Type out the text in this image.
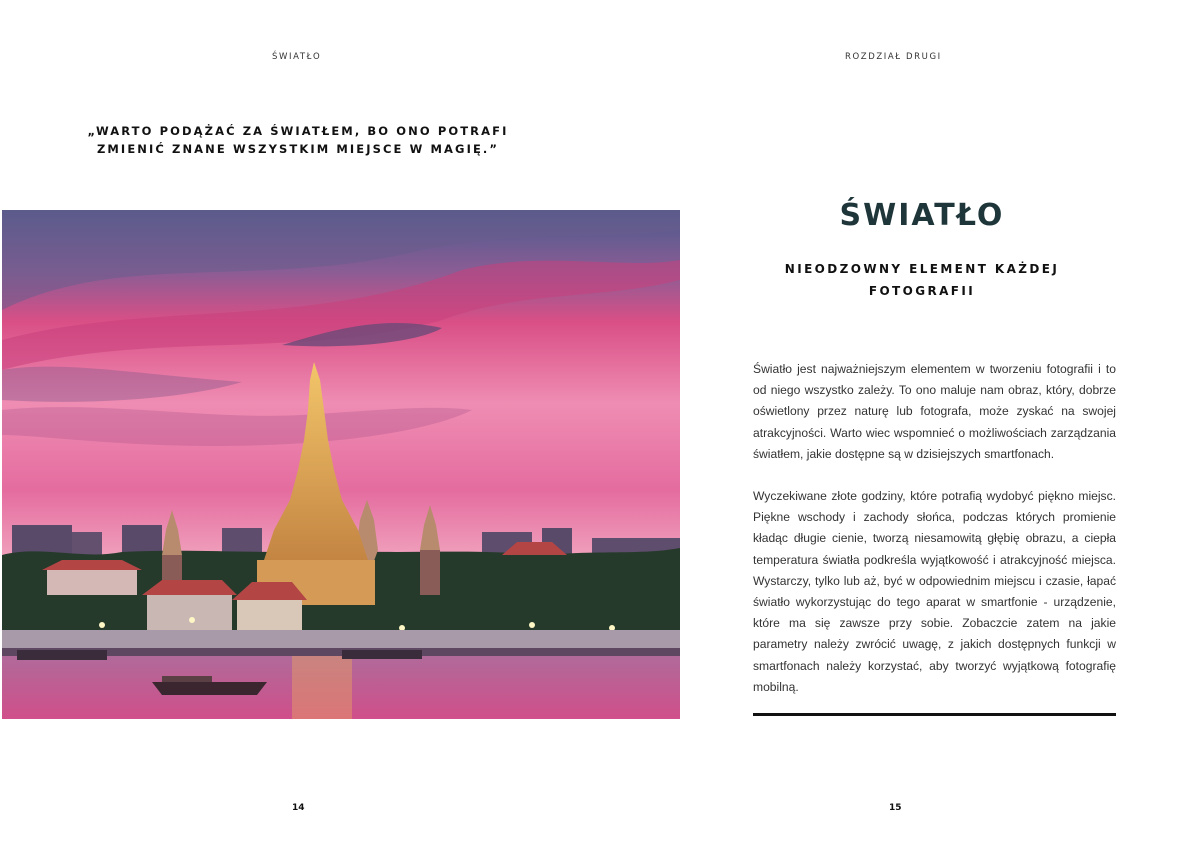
ŚWIATŁO
„WARTO PODĄŻAĆ ZA ŚWIATŁEM, BO ONO POTRAFI
ZMIENIĆ ZNANE WSZYSTKIM MIEJSCE W MAGIĘ.”
14
ROZDZIAŁ DRUGI
ŚWIATŁO
NIEODZOWNY ELEMENT KAŻDEJ
FOTOGRAFII

Światło jest najważniejszym elementem w tworzeniu fotografii i to od niego wszystko zależy. To ono maluje nam obraz, który, dobrze oświetlony przez naturę lub fotografa, może zyskać na swojej atrakcyjności. Warto wiec wspomnieć o możliwościach zarządzania światłem, jakie dostępne są w dzisiejszych smartfonach.

Wyczekiwane złote godziny, które potrafią wydobyć piękno miejsc. Piękne wschody i zachody słońca, podczas których promienie kładąc długie cienie, tworzą niesamowitą głębię obrazu, a ciepła temperatura światła podkreśla wyjątkowość i atrakcyjność miejsca. Wystarczy, tylko lub aż, być w odpowiednim miejscu i czasie, łapać światło wykorzystując do tego aparat w smartfonie - urządzenie, które ma się zawsze przy sobie. Zobaczcie zatem na jakie parametry należy zwrócić uwagę, z jakich dostępnych funkcji w smartfonach należy korzystać, aby tworzyć wyjątkową fotografię mobilną.

15
